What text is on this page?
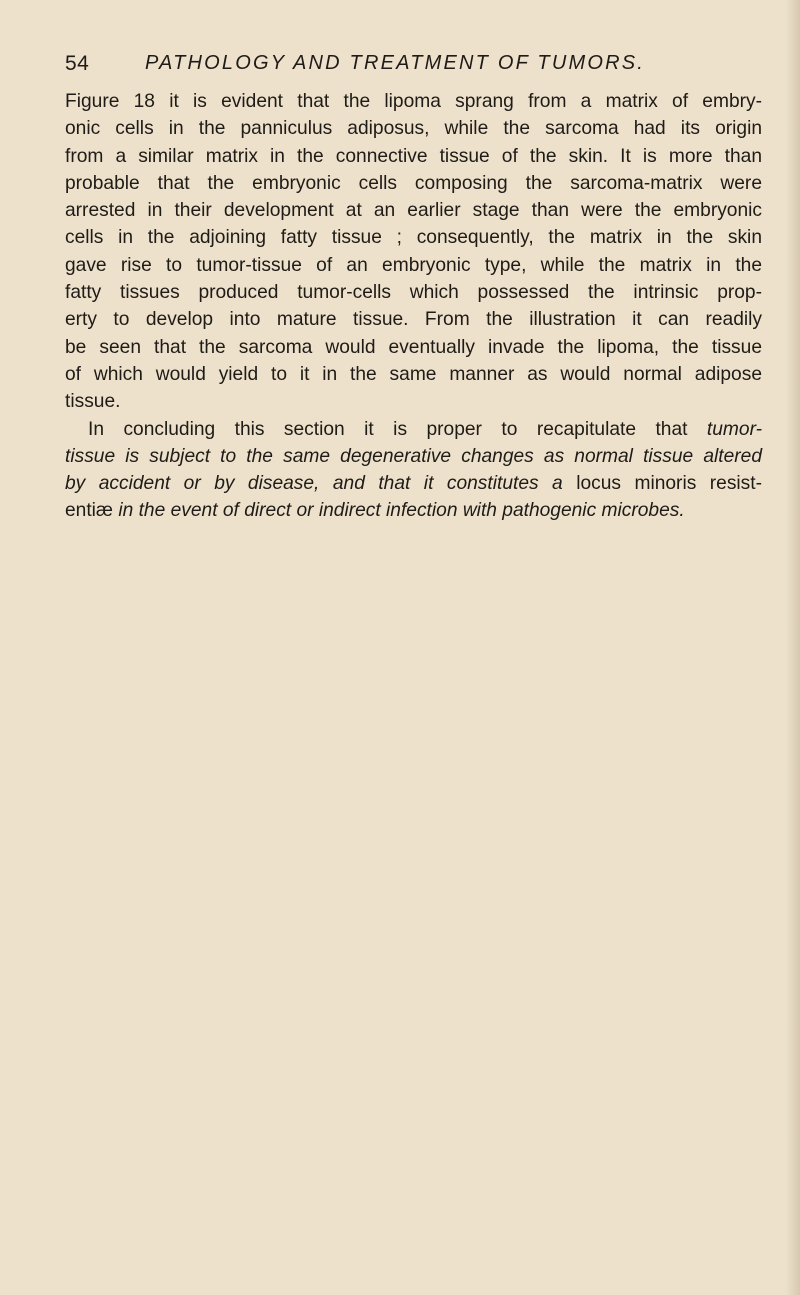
54	PATHOLOGY AND TREATMENT OF TUMORS.
Figure 18 it is evident that the lipoma sprang from a matrix of embry-
onic cells in the panniculus adiposus, while the sarcoma had its origin
from a similar matrix in the connective tissue of the skin. It is more than
probable that the embryonic cells composing the sarcoma-matrix were
arrested in their development at an earlier stage than were the embryonic
cells in the adjoining fatty tissue ; consequently, the matrix in the skin
gave rise to tumor-tissue of an embryonic type, while the matrix in the
fatty tissues produced tumor-cells which possessed the intrinsic prop-
erty to develop into mature tissue. From the illustration it can readily
be seen that the sarcoma would eventually invade the lipoma, the tissue
of which would yield to it in the same manner as would normal adipose
tissue.
In concluding this section it is proper to recapitulate that tumor-
tissue is subject to the same degenerative changes as normal tissue altered
by accident or by disease, and that it constitutes a locus minoris resist-
entiæ in the event of direct or indirect infection with pathogenic microbes.
